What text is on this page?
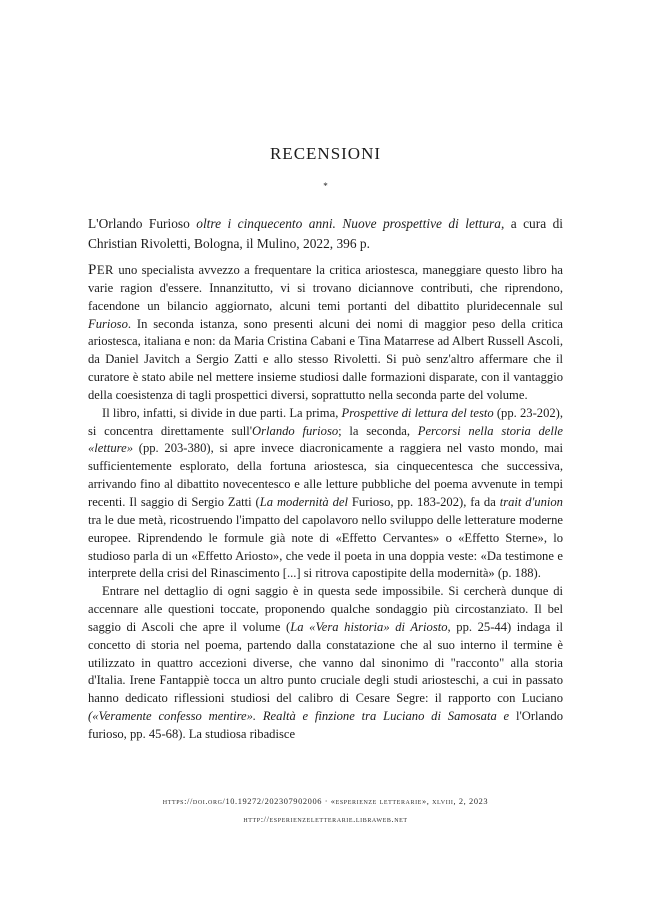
RECENSIONI
*
L'Orlando Furioso oltre i cinquecento anni. Nuove prospettive di lettura, a cura di Christian Rivoletti, Bologna, il Mulino, 2022, 396 p.

PER uno specialista avvezzo a frequentare la critica ariostesca, maneggiare questo libro ha varie ragion d'essere. Innanzitutto, vi si trovano diciannove contributi, che riprendono, facendone un bilancio aggiornato, alcuni temi portanti del dibattito pluridecennale sul Furioso. In seconda istanza, sono presenti alcuni dei nomi di maggior peso della critica ariostesca, italiana e non: da Maria Cristina Cabani e Tina Matarrese ad Albert Russell Ascoli, da Daniel Javitch a Sergio Zatti e allo stesso Rivoletti. Si può senz'altro affermare che il curatore è stato abile nel mettere insieme studiosi dalle formazioni disparate, con il vantaggio della coesistenza di tagli prospettici diversi, soprattutto nella seconda parte del volume.

Il libro, infatti, si divide in due parti. La prima, Prospettive di lettura del testo (pp. 23-202), si concentra direttamente sull'Orlando furioso; la seconda, Percorsi nella storia delle «letture» (pp. 203-380), si apre invece diacronicamente a raggiera nel vasto mondo, mai sufficientemente esplorato, della fortuna ariostesca, sia cinquecentesca che successiva, arrivando fino al dibattito novecentesco e alle letture pubbliche del poema avvenute in tempi recenti. Il saggio di Sergio Zatti (La modernità del Furioso, pp. 183-202), fa da trait d'union tra le due metà, ricostruendo l'impatto del capolavoro nello sviluppo delle letterature moderne europee. Riprendendo le formule già note di «Effetto Cervantes» o «Effetto Sterne», lo studioso parla di un «Effetto Ariosto», che vede il poeta in una doppia veste: «Da testimone e interprete della crisi del Rinascimento [...] si ritrova capostipite della modernità» (p. 188).

Entrare nel dettaglio di ogni saggio è in questa sede impossibile. Si cercherà dunque di accennare alle questioni toccate, proponendo qualche sondaggio più circostanziato. Il bel saggio di Ascoli che apre il volume (La «Vera historia» di Ariosto, pp. 25-44) indaga il concetto di storia nel poema, partendo dalla constatazione che al suo interno il termine è utilizzato in quattro accezioni diverse, che vanno dal sinonimo di "racconto" alla storia d'Italia. Irene Fantappiè tocca un altro punto cruciale degli studi ariosteschi, a cui in passato hanno dedicato riflessioni studiosi del calibro di Cesare Segre: il rapporto con Luciano («Veramente confesso mentire». Realtà e finzione tra Luciano di Samosata e l'Orlando furioso, pp. 45-68). La studiosa ribadisce

https://doi.org/10.19272/202307902006 · «esperienze letterarie», xlviii, 2, 2023
http://esperienzeletterarie.libraweb.net
